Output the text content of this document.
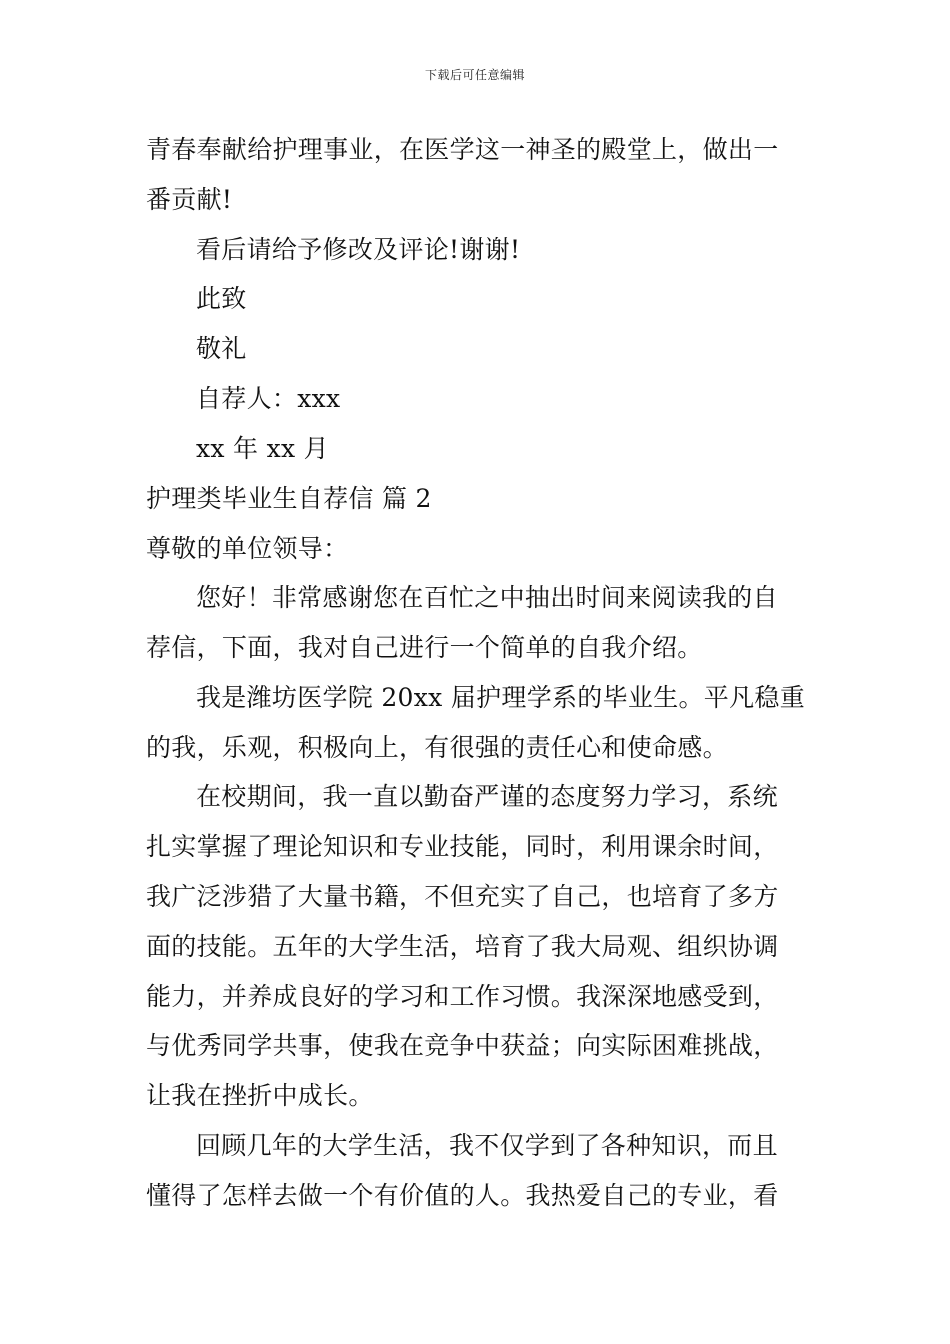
下载后可任意编辑
青春奉献给护理事业，在医学这一神圣的殿堂上，做出一
番贡献!
看后请给予修改及评论!谢谢!
此致
敬礼
自荐人：xxx
xx 年 xx 月
护理类毕业生自荐信 篇 2
尊敬的单位领导：
您好！非常感谢您在百忙之中抽出时间来阅读我的自
荐信，下面，我对自己进行一个简单的自我介绍。
我是潍坊医学院 20xx 届护理学系的毕业生。平凡稳重
的我，乐观，积极向上，有很强的责任心和使命感。
在校期间，我一直以勤奋严谨的态度努力学习，系统
扎实掌握了理论知识和专业技能，同时，利用课余时间，
我广泛涉猎了大量书籍，不但充实了自己，也培育了多方
面的技能。五年的大学生活，培育了我大局观、组织协调
能力，并养成良好的学习和工作习惯。我深深地感受到，
与优秀同学共事，使我在竞争中获益；向实际困难挑战，
让我在挫折中成长。
回顾几年的大学生活，我不仅学到了各种知识，而且
懂得了怎样去做一个有价值的人。我热爱自己的专业，看
